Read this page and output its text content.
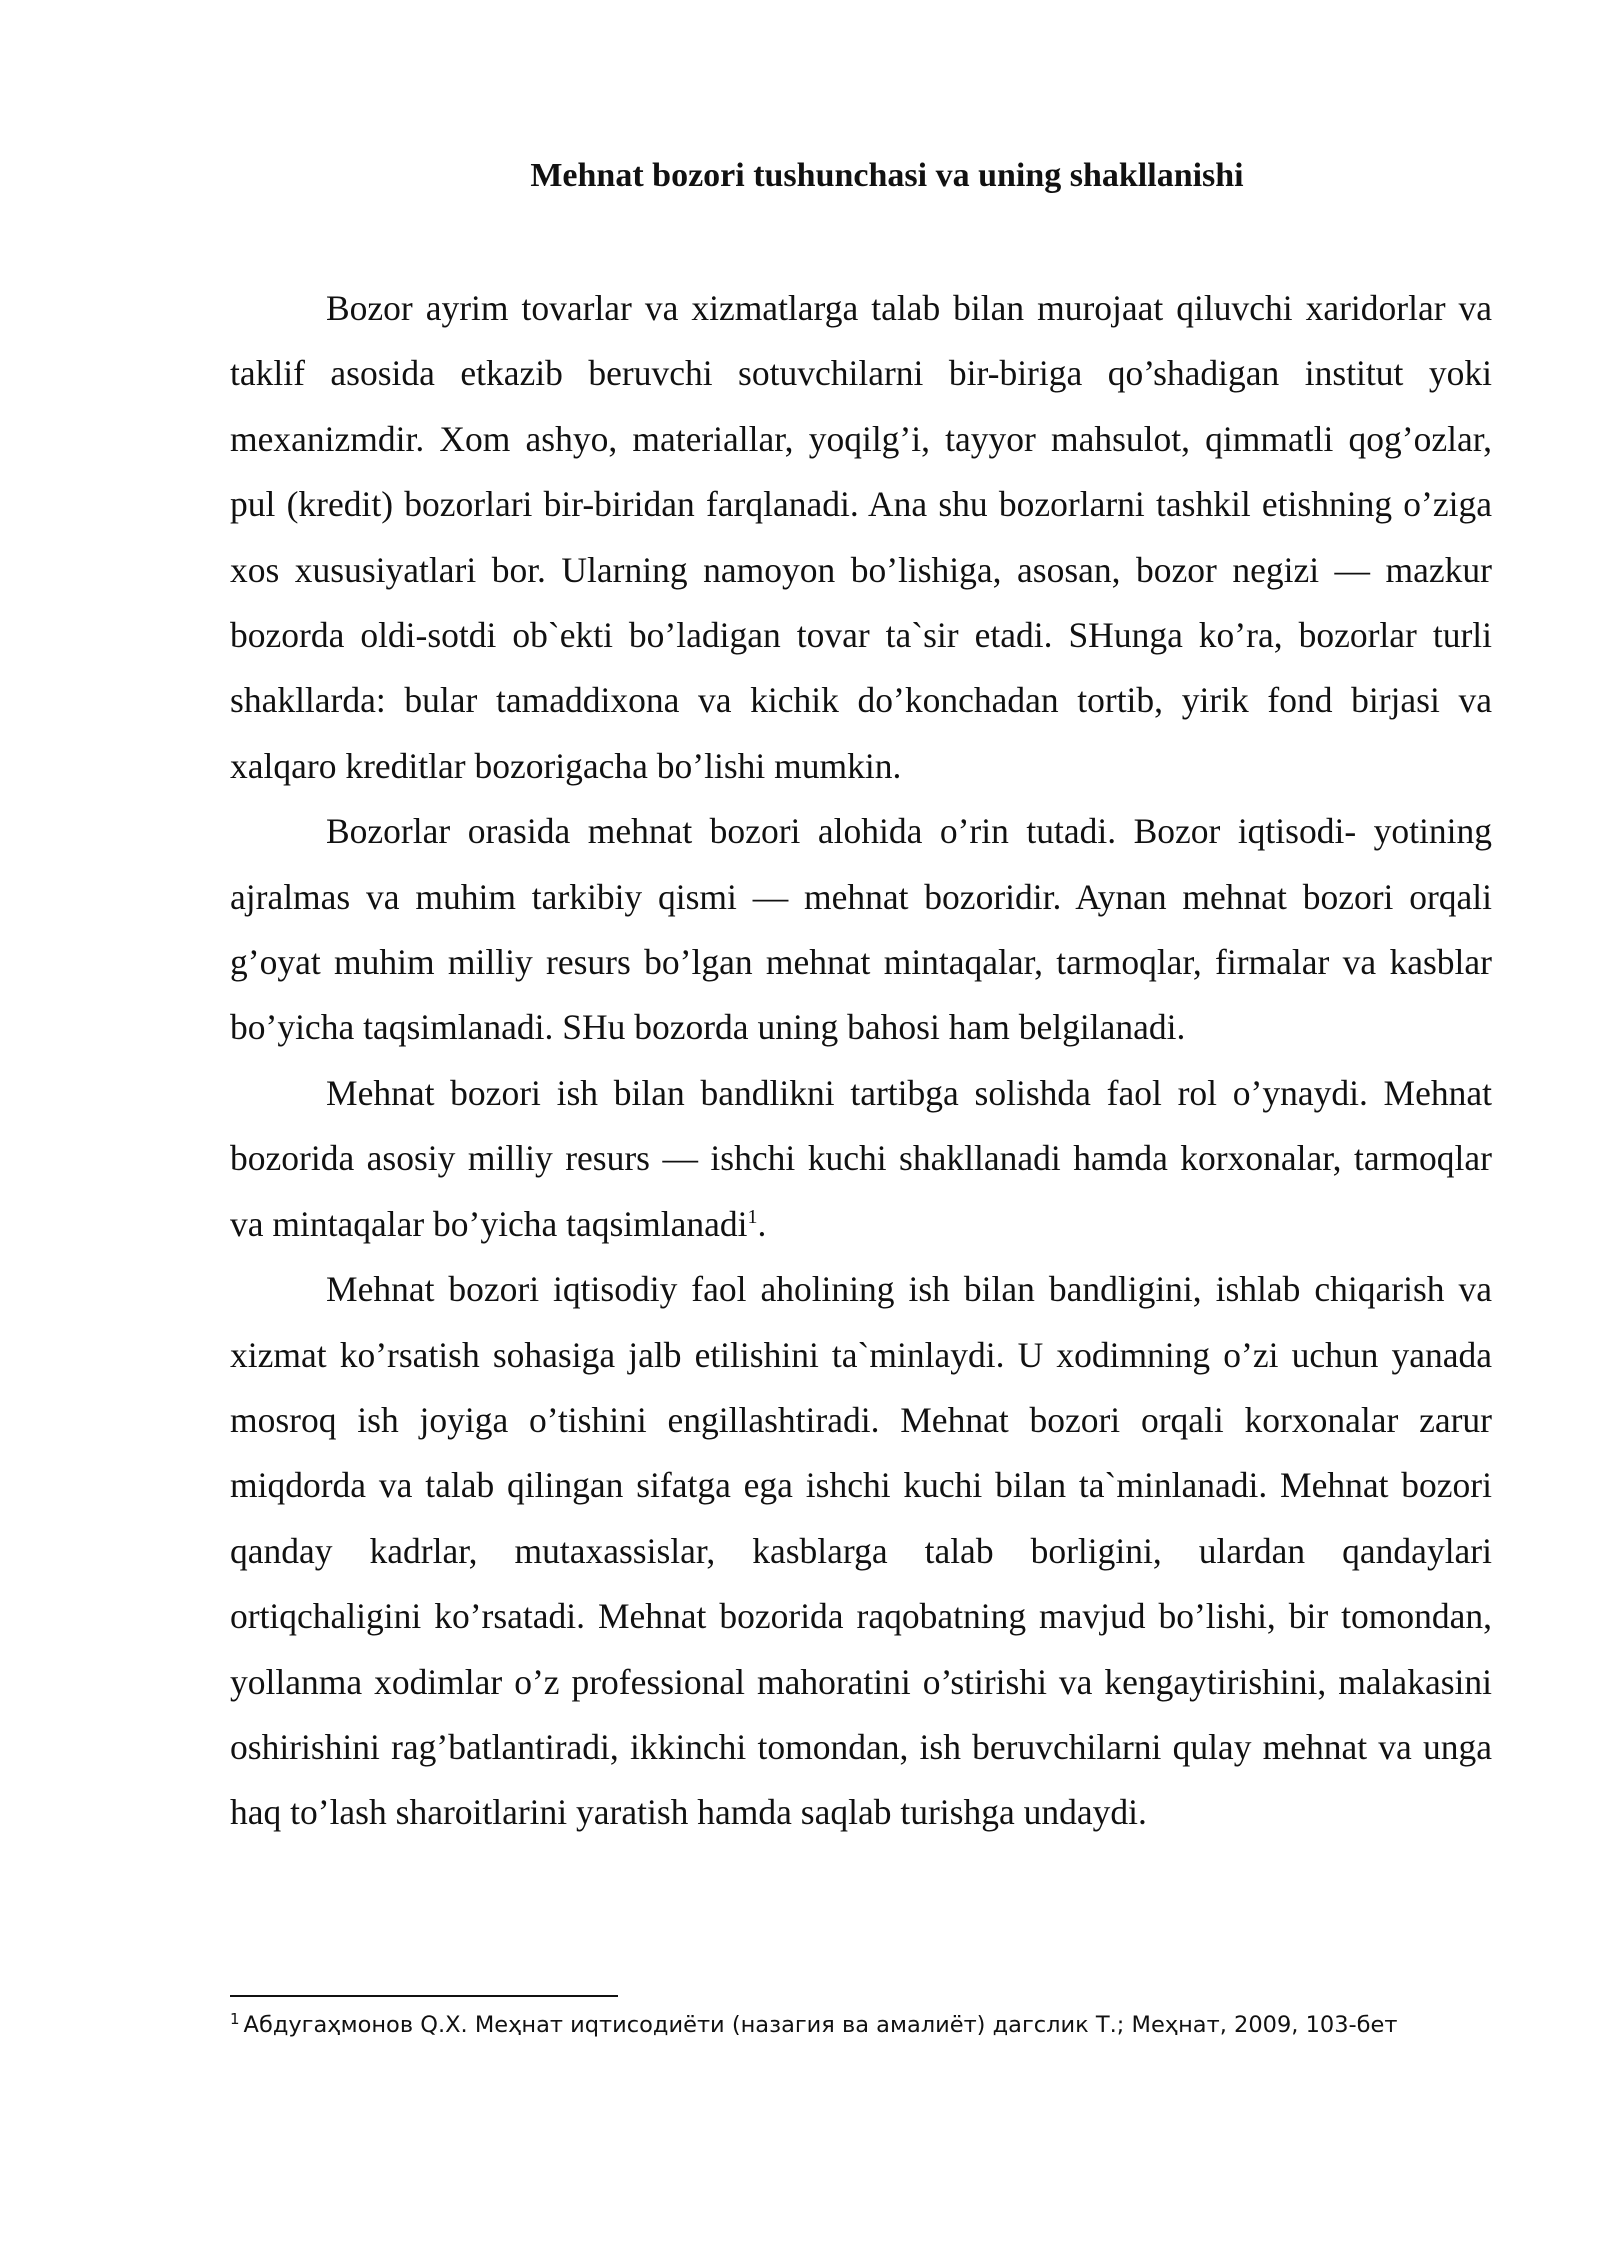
Mehnat bozori tushunchasi va uning shakllanishi

Bozor ayrim tovarlar va xizmatlarga talab bilan murojaat qiluvchi xaridorlar va taklif asosida etkazib beruvchi sotuvchilarni bir-biriga qo’shadigan institut yoki mexanizmdir. Xom ashyo, materiallar, yoqilg’i, tayyor mahsulot, qimmatli qog’ozlar, pul (kredit) bozorlari bir-biridan farqlanadi. Ana shu bozorlarni tashkil etishning o’ziga xos xususiyatlari bor. Ularning namoyon bo’lishiga, asosan, bozor negizi — mazkur bozorda oldi-sotdi ob`ekti bo’ladigan tovar ta`sir etadi. SHunga ko’ra, bozorlar turli shakllarda: bular tamaddixona va kichik do’konchadan tortib, yirik fond birjasi va xalqaro kreditlar bozorigacha bo’lishi mumkin.

Bozorlar orasida mehnat bozori alohida o’rin tutadi. Bozor iqtisodi- yotining ajralmas va muhim tarkibiy qismi — mehnat bozoridir. Aynan mehnat bozori orqali g’oyat muhim milliy resurs bo’lgan mehnat mintaqalar, tarmoqlar, firmalar va kasblar bo’yicha taqsimlanadi. SHu bozorda uning bahosi ham belgilanadi.

Mehnat bozori ish bilan bandlikni tartibga solishda faol rol o’ynaydi. Mehnat bozorida asosiy milliy resurs — ishchi kuchi shakllanadi hamda korxonalar, tarmoqlar va mintaqalar bo’yicha taqsimlanadi$^1$.

Mehnat bozori iqtisodiy faol aholining ish bilan bandligini, ishlab chiqarish va xizmat ko’rsatish sohasiga jalb etilishini ta`minlaydi. U xodimning o’zi uchun yanada mosroq ish joyiga o’tishini engillashtiradi. Mehnat bozori orqali korxonalar zarur miqdorda va talab qilingan sifatga ega ishchi kuchi bilan ta`minlanadi. Mehnat bozori qanday kadrlar, mutaxassislar, kasblarga talab borligini, ulardan qandaylari ortiqchaligini ko’rsatadi. Mehnat bozorida raqobatning mavjud bo’lishi, bir tomondan, yollanma xodimlar o’z professional mahoratini o’stirishi va kengaytirishini, malakasini oshirishini rag’batlantiradi, ikkinchi tomondan, ish beruvchilarni qulay mehnat va unga haq to’lash sharoitlarini yaratish hamda saqlab turishga undaydi.

$^1$ Абдугаҳмонов Q.Х. Меҳнат иqтисодиёти (назагия ва амалиёт) дагслик Т.; Меҳнат, 2009, 103-бет
